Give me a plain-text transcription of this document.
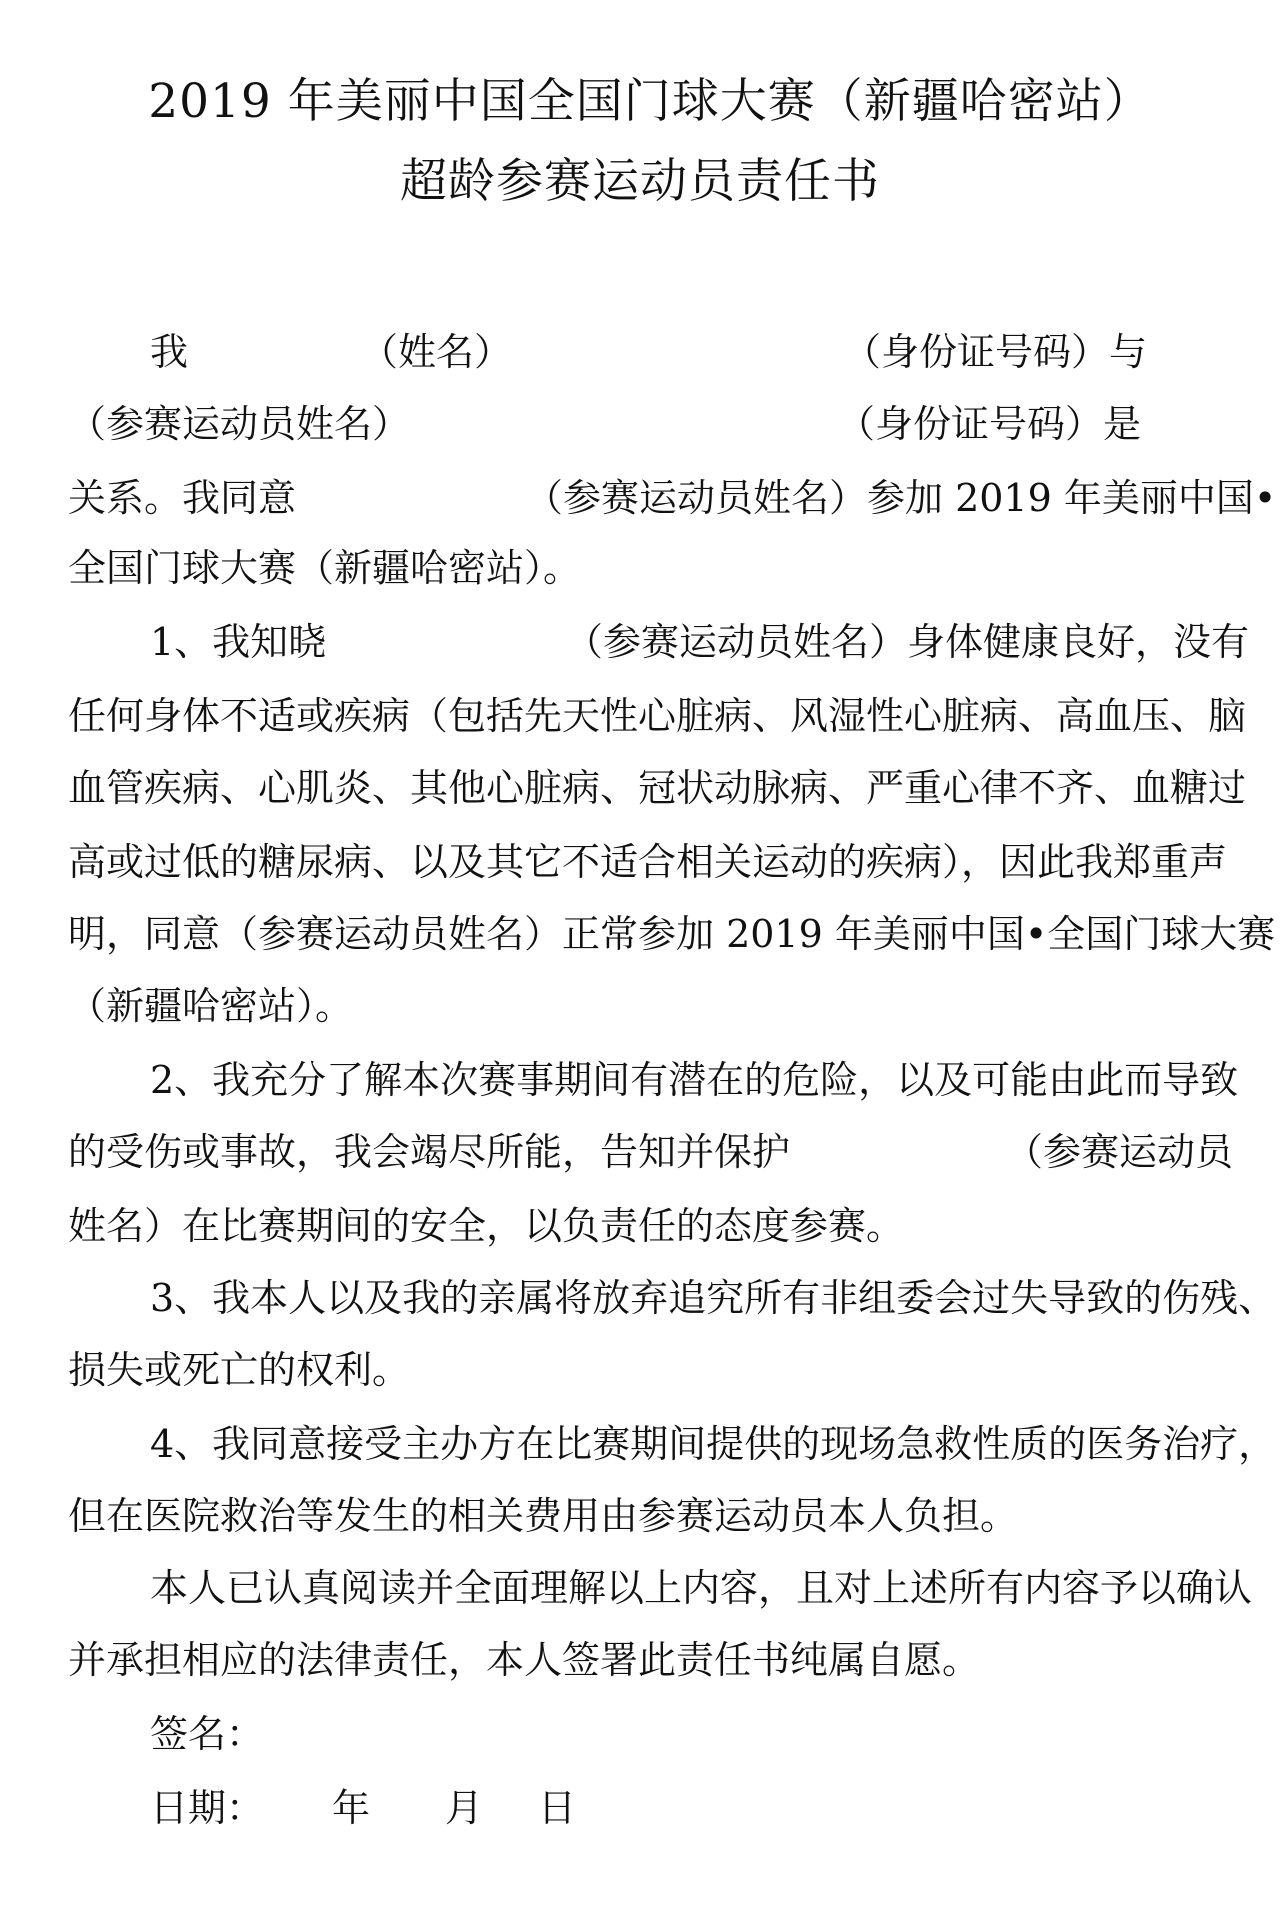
2019 年美丽中国全国门球大赛（新疆哈密站）
超龄参赛运动员责任书
我	（姓名）	（身份证号码）与
（参赛运动员姓名）	（身份证号码）是
关系。我同意	（参赛运动员姓名）参加 2019 年美丽中国•
全国门球大赛（新疆哈密站）。
1、我知晓	（参赛运动员姓名）身体健康良好，没有
任何身体不适或疾病（包括先天性心脏病、风湿性心脏病、高血压、脑
血管疾病、心肌炎、其他心脏病、冠状动脉病、严重心律不齐、血糖过
高或过低的糖尿病、以及其它不适合相关运动的疾病），因此我郑重声
明，同意（参赛运动员姓名）正常参加 2019 年美丽中国•全国门球大赛
（新疆哈密站）。
2、我充分了解本次赛事期间有潜在的危险，以及可能由此而导致
的受伤或事故，我会竭尽所能，告知并保护	（参赛运动员
姓名）在比赛期间的安全，以负责任的态度参赛。
3、我本人以及我的亲属将放弃追究所有非组委会过失导致的伤残、
损失或死亡的权利。
4、我同意接受主办方在比赛期间提供的现场急救性质的医务治疗，
但在医院救治等发生的相关费用由参赛运动员本人负担。
本人已认真阅读并全面理解以上内容，且对上述所有内容予以确认
并承担相应的法律责任，本人签署此责任书纯属自愿。
签名：
日期： 年 月 日
